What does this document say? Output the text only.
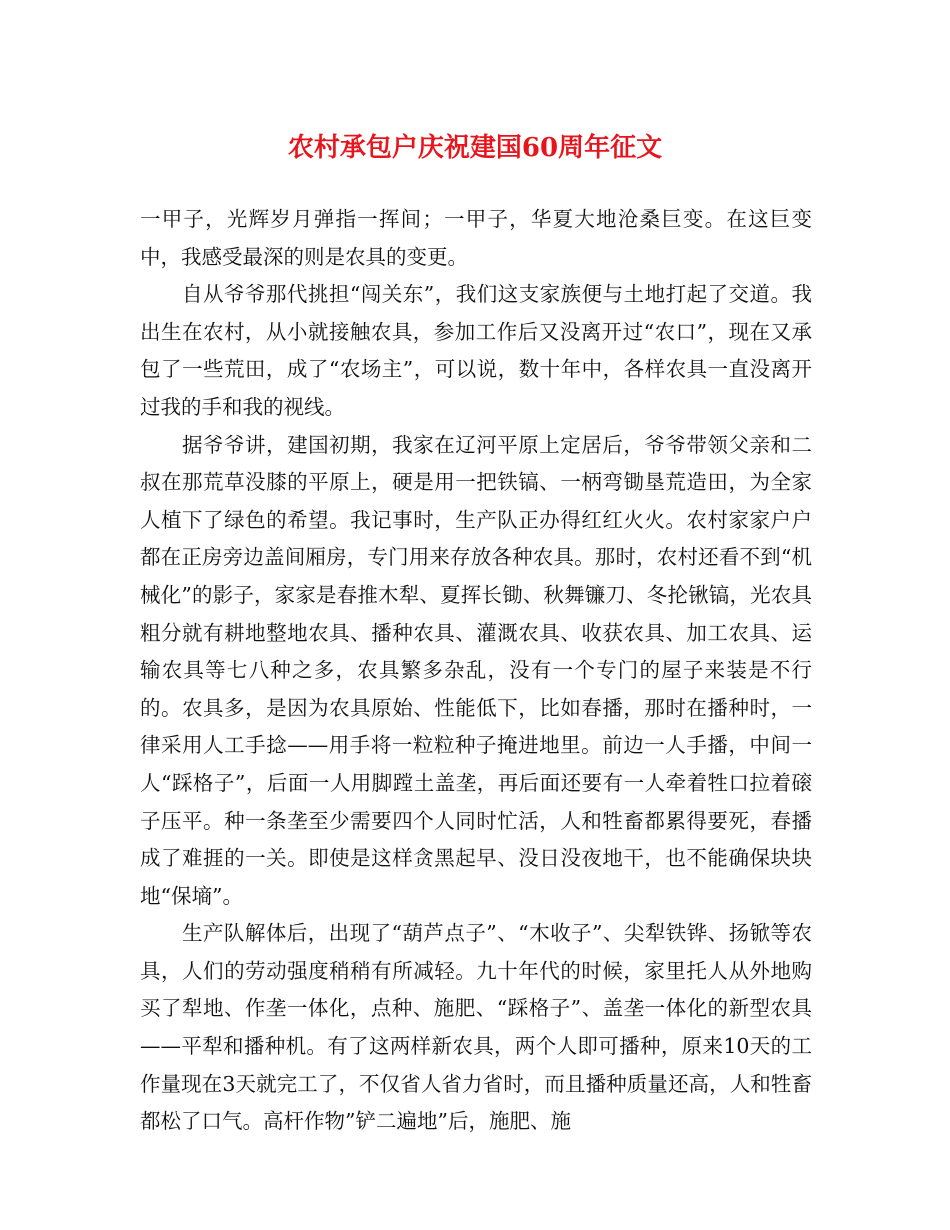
农村承包户庆祝建国60周年征文

一甲子，光辉岁月弹指一挥间；一甲子，华夏大地沧桑巨变。在这巨变中，我感受最深的则是农具的变更。

自从爷爷那代挑担“闯关东”，我们这支家族便与土地打起了交道。我出生在农村，从小就接触农具，参加工作后又没离开过“农口”，现在又承包了一些荒田，成了“农场主”，可以说，数十年中，各样农具一直没离开过我的手和我的视线。

据爷爷讲，建国初期，我家在辽河平原上定居后，爷爷带领父亲和二叔在那荒草没膝的平原上，硬是用一把铁镐、一柄弯锄垦荒造田，为全家人植下了绿色的希望。我记事时，生产队正办得红红火火。农村家家户户都在正房旁边盖间厢房，专门用来存放各种农具。那时，农村还看不到“机械化”的影子，家家是春推木犁、夏挥长锄、秋舞镰刀、冬抡锹镐，光农具粗分就有耕地整地农具、播种农具、灌溉农具、收获农具、加工农具、运输农具等七八种之多，农具繁多杂乱，没有一个专门的屋子来装是不行的。农具多，是因为农具原始、性能低下，比如春播，那时在播种时，一律采用人工手捻——用手将一粒粒种子掩进地里。前边一人手播，中间一人“踩格子”，后面一人用脚蹚土盖垄，再后面还要有一人牵着牲口拉着磙子压平。种一条垄至少需要四个人同时忙活，人和牲畜都累得要死，春播成了难捱的一关。即使是这样贪黑起早、没日没夜地干，也不能确保块块地“保墒”。

生产队解体后，出现了“葫芦点子”、“木收子”、尖犁铁铧、扬锨等农具，人们的劳动强度稍稍有所减轻。九十年代的时候，家里托人从外地购买了犁地、作垄一体化，点种、施肥、“踩格子”、盖垄一体化的新型农具——平犁和播种机。有了这两样新农具，两个人即可播种，原来10天的工作量现在3天就完工了，不仅省人省力省时，而且播种质量还高，人和牲畜都松了口气。高杆作物”铲二遍地”后，施肥、施
